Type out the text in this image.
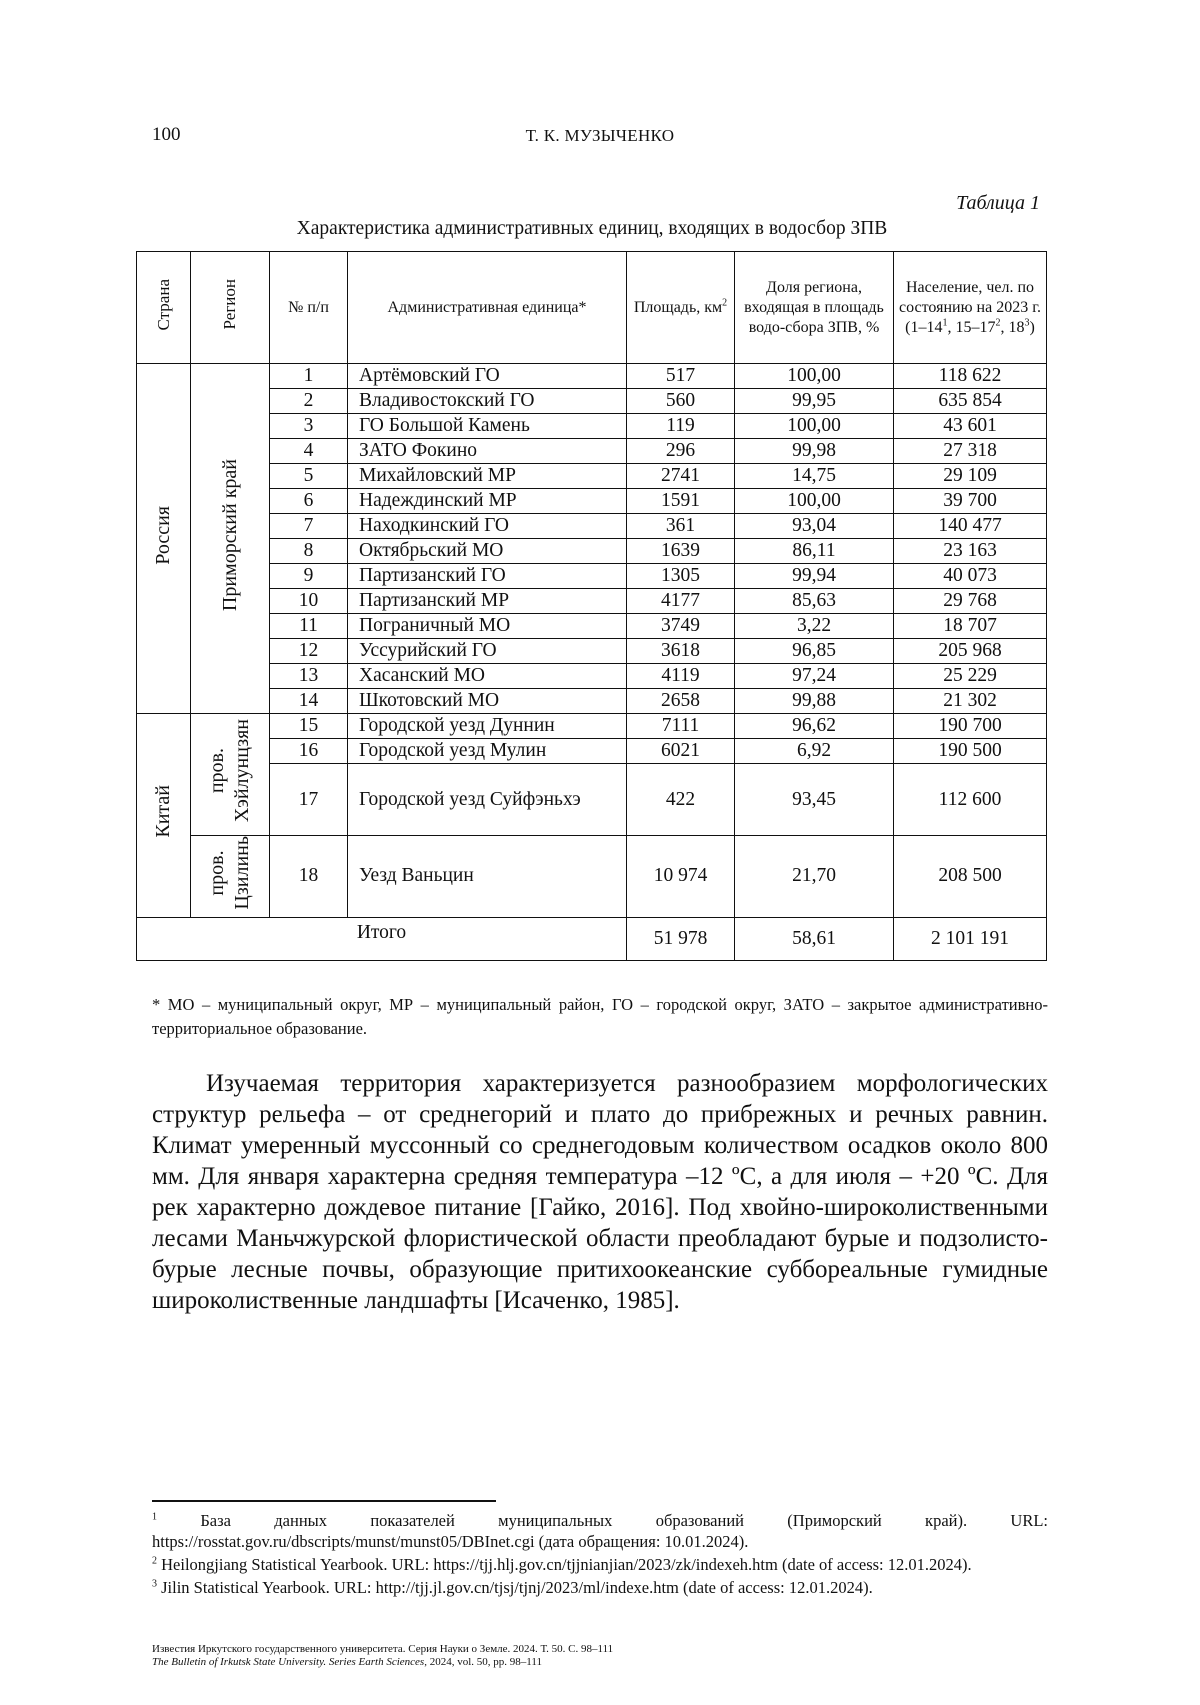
100	Т. К. МУЗЫЧЕНКО
Таблица 1
Характеристика административных единиц, входящих в водосбор ЗПВ
Страна	Регион	№ п/п	Административная единица*	Площадь, $км^2$	Доля региона, входящая в площадь водо-сбора ЗПВ, %	Население, чел. по состоянию на 2023 г.
($1-14^1$, $15-17^2$, $18^3$)
Россия	Приморский край	1	Артёмовский ГО	517	100,00	118 622
		2	Владивостокский ГО	560	99,95	635 854
		3	ГО Большой Камень	119	100,00	43 601
		4	ЗАТО Фокино	296	99,98	27 318
		5	Михайловский МР	2741	14,75	29 109
		6	Надеждинский МР	1591	100,00	39 700
		7	Находкинский ГО	361	93,04	140 477
		8	Октябрьский МО	1639	86,11	23 163
		9	Партизанский ГО	1305	99,94	40 073
		10	Партизанский МР	4177	85,63	29 768
		11	Пограничный МО	3749	3,22	18 707
		12	Уссурийский ГО	3618	96,85	205 968
		13	Хасанский МО	4119	97,24	25 229
		14	Шкотовский МО	2658	99,88	21 302
Китай	пров. Хэйлунцзян	15	Городской уезд Дуннин	7111	96,62	190 700
		16	Городской уезд Мулин	6021	6,92	190 500
		17	Городской уезд Суйфэньхэ	422	93,45	112 600
	пров. Цзилинь	18	Уезд Ваньцин	10 974	21,70	208 500
Итого				51 978	58,61	2 101 191
* МО – муниципальный округ, МР – муниципальный район, ГО – городской округ, ЗАТО – закрытое административно-территориальное образование.

Изучаемая территория характеризуется разнообразием морфологических структур рельефа – от среднегорий и плато до прибрежных и речных равнин. Климат умеренный муссонный со среднегодовым количеством осадков около 800 мм. Для января характерна средняя температура –12 ºС, а для июля – +20 ºС. Для рек характерно дождевое питание [Гайко, 2016]. Под хвойно-широколиственными лесами Маньчжурской флористической области преобладают бурые и подзолисто-бурые лесные почвы, образующие притихоокеанские суббореальные гумидные широколиственные ландшафты [Исаченко, 1985].

$^1$	База данных показателей муниципальных образований (Приморский край). URL: https://rosstat.gov.ru/dbscripts/munst/munst05/DBInet.cgi (дата обращения: 10.01.2024).

$^2$ Heilongjiang Statistical Yearbook. URL: https://tjj.hlj.gov.cn/tjjnianjian/2023/zk/indexeh.htm (date of access: 12.01.2024).

$^3$ Jilin Statistical Yearbook. URL: http://tjj.jl.gov.cn/tjsj/tjnj/2023/ml/indexe.htm (date of access: 12.01.2024).

Известия Иркутского государственного университета. Серия Науки о Земле. 2024. Т. 50. С. 98–111
The Bulletin of Irkutsk State University. Series Earth Sciences, 2024, vol. 50, pp. 98–111
